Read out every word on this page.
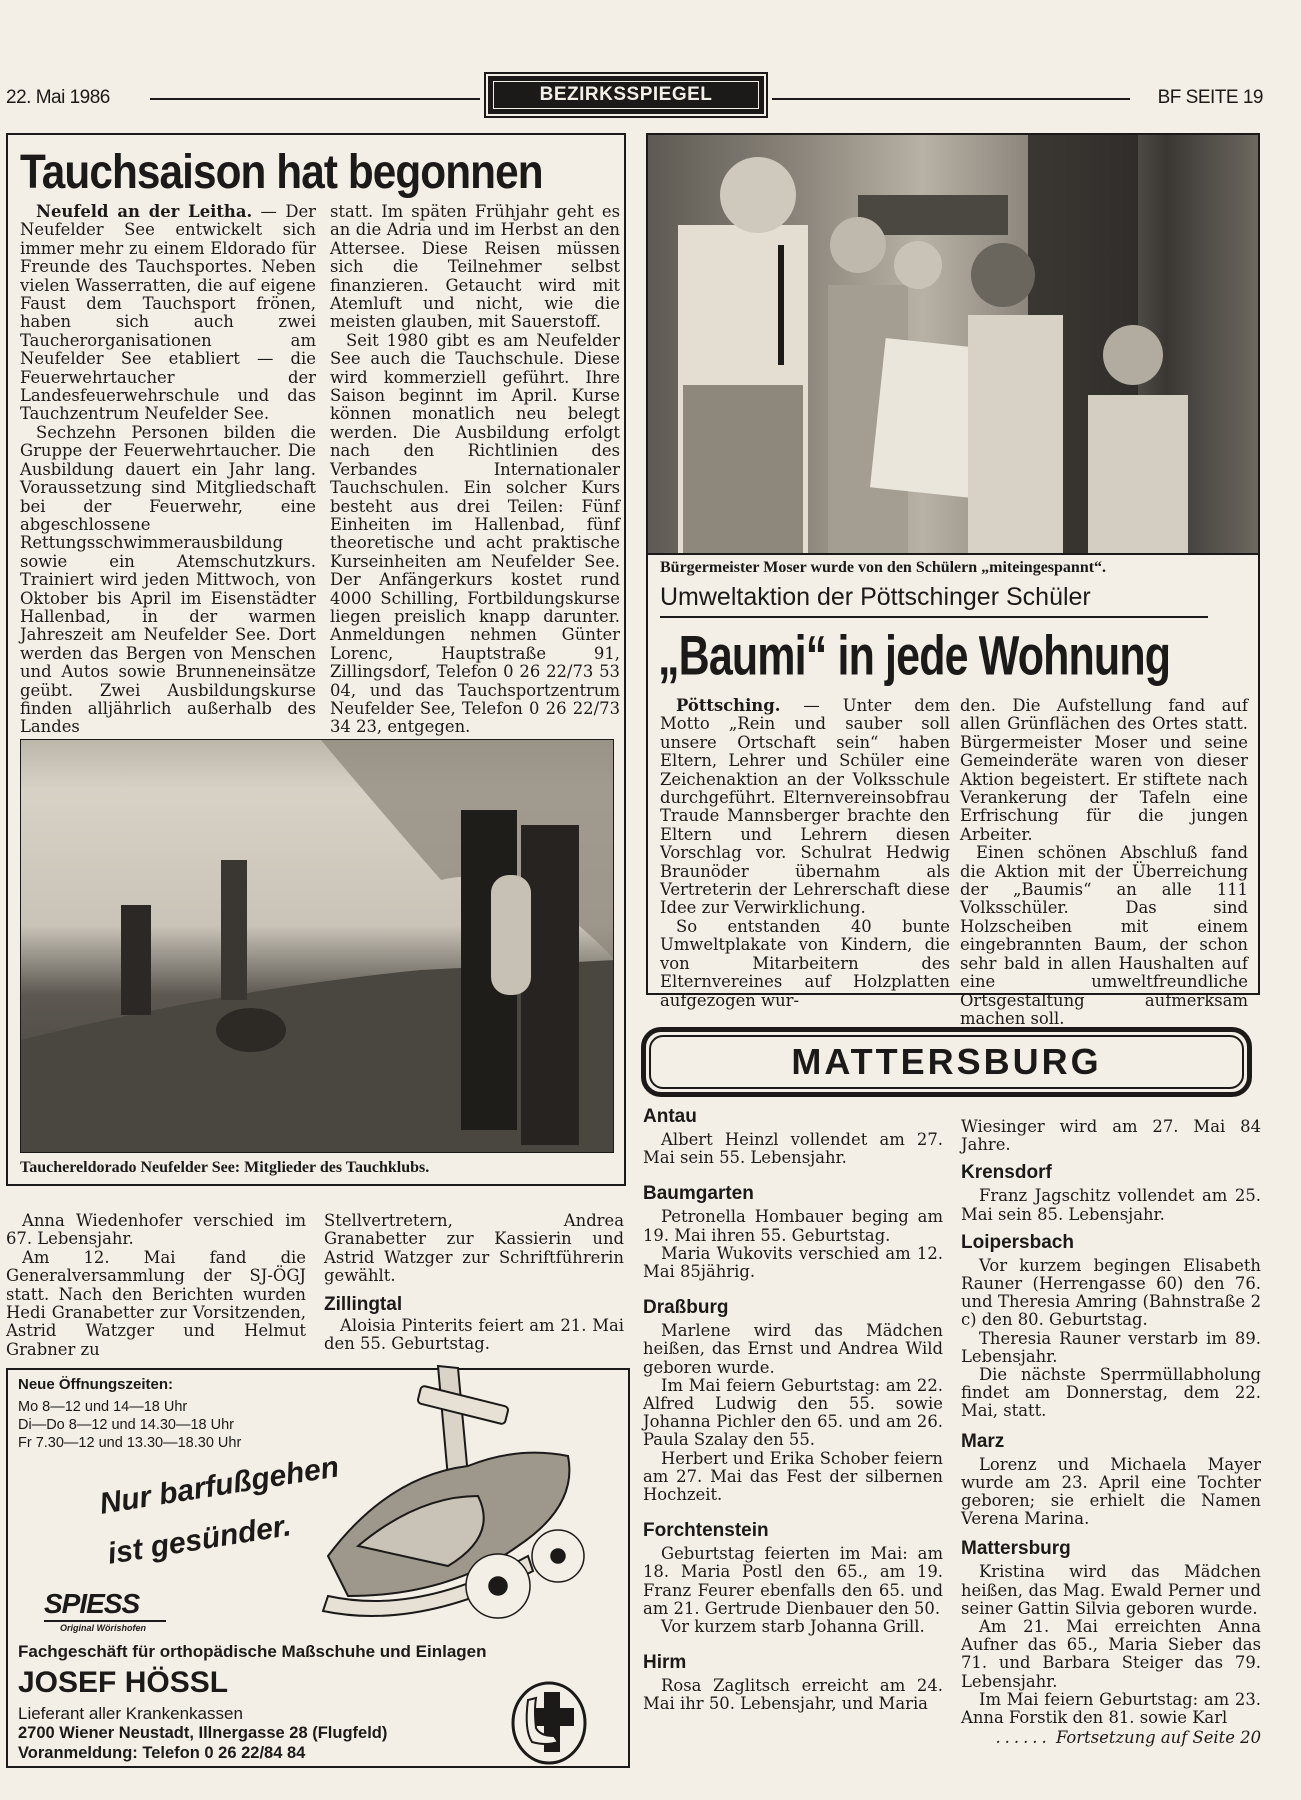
22. Mai 1986	BEZIRKSSPIEGEL	BF SEITE 19
Tauchsaison hat begonnen

Neufeld an der Leitha. — Der Neufelder See entwickelt sich immer mehr zu einem Eldorado für Freunde des Tauchsportes. Neben vielen Wasserratten, die auf eigene Faust dem Tauchsport frönen, haben sich auch zwei Taucherorganisationen am Neufelder See etabliert — die Feuerwehrtaucher der Landesfeuerwehrschule und das Tauchzentrum Neufelder See.

Sechzehn Personen bilden die Gruppe der Feuerwehrtaucher. Die Ausbildung dauert ein Jahr lang. Voraussetzung sind Mitgliedschaft bei der Feuerwehr, eine abgeschlossene Rettungsschwimmerausbildung sowie ein Atemschutzkurs. Trainiert wird jeden Mittwoch, von Oktober bis April im Eisenstädter Hallenbad, in der warmen Jahreszeit am Neufelder See. Dort werden das Bergen von Menschen und Autos sowie Brunneneinsätze geübt. Zwei Ausbildungskurse finden alljährlich außerhalb des Landes

statt. Im späten Frühjahr geht es an die Adria und im Herbst an den Attersee. Diese Reisen müssen sich die Teilnehmer selbst finanzieren. Getaucht wird mit Atemluft und nicht, wie die meisten glauben, mit Sauerstoff.

Seit 1980 gibt es am Neufelder See auch die Tauchschule. Diese wird kommerziell geführt. Ihre Saison beginnt im April. Kurse können monatlich neu belegt werden. Die Ausbildung erfolgt nach den Richtlinien des Verbandes Internationaler Tauchschulen. Ein solcher Kurs besteht aus drei Teilen: Fünf Einheiten im Hallenbad, fünf theoretische und acht praktische Kurseinheiten am Neufelder See. Der Anfängerkurs kostet rund 4000 Schilling, Fortbildungskurse liegen preislich knapp darunter. Anmeldungen nehmen Günter Lorenc, Hauptstraße 91, Zillingsdorf, Telefon 0 26 22/73 53 04, und das Tauchsportzentrum Neufelder See, Telefon 0 26 22/73 34 23, entgegen.

Tauchereldorado Neufelder See: Mitglieder des Tauchklubs.
Bürgermeister Moser wurde von den Schülern „miteingespannt“.
Umweltaktion der Pöttschinger Schüler
„Baumi“ in jede Wohnung

Pöttsching. — Unter dem Motto „Rein und sauber soll unsere Ortschaft sein“ haben Eltern, Lehrer und Schüler eine Zeichenaktion an der Volksschule durchgeführt. Elternvereinsobfrau Traude Mannsberger brachte den Eltern und Lehrern diesen Vorschlag vor. Schulrat Hedwig Braunöder übernahm als Vertreterin der Lehrerschaft diese Idee zur Verwirklichung.

So entstanden 40 bunte Umweltplakate von Kindern, die von Mitarbeitern des Elternvereines auf Holzplatten aufgezogen wur-

den. Die Aufstellung fand auf allen Grünflächen des Ortes statt. Bürgermeister Moser und seine Gemeinderäte waren von dieser Aktion begeistert. Er stiftete nach Verankerung der Tafeln eine Erfrischung für die jungen Arbeiter.

Einen schönen Abschluß fand die Aktion mit der Überreichung der „Baumis“ an alle 111 Volksschüler. Das sind Holzscheiben mit einem eingebrannten Baum, der schon sehr bald in allen Haushalten auf eine umweltfreundliche Ortsgestaltung aufmerksam machen soll.

Anna Wiedenhofer verschied im 67. Lebensjahr.

Am 12. Mai fand die Generalversammlung der SJ-ÖGJ statt. Nach den Berichten wurden Hedi Granabetter zur Vorsitzenden, Astrid Watzger und Helmut Grabner zu

Stellvertretern, Andrea Granabetter zur Kassierin und Astrid Watzger zur Schriftführerin gewählt.

Zillingtal

Aloisia Pinterits feiert am 21. Mai den 55. Geburtstag.

Neue Öffnungszeiten:
Mo 8—12 und 14—18 Uhr
Di—Do 8—12 und 14.30—18 Uhr
Fr 7.30—12 und 13.30—18.30 Uhr
Nur barfußgehen
ist gesünder.
SPIESS
Original Wörishofen
Fachgeschäft für orthopädische Maßschuhe und Einlagen
JOSEF HÖSSL
Lieferant aller Krankenkassen
2700 Wiener Neustadt, Illnergasse 28 (Flugfeld)
Voranmeldung: Telefon 0 26 22/84 84
MATTERSBURG
Antau

Albert Heinzl vollendet am 27. Mai sein 55. Lebensjahr.

Baumgarten

Petronella Hombauer beging am 19. Mai ihren 55. Geburtstag.

Maria Wukovits verschied am 12. Mai 85jährig.

Draßburg

Marlene wird das Mädchen heißen, das Ernst und Andrea Wild geboren wurde.

Im Mai feiern Geburtstag: am 22. Alfred Ludwig den 55. sowie Johanna Pichler den 65. und am 26. Paula Szalay den 55.

Herbert und Erika Schober feiern am 27. Mai das Fest der silbernen Hochzeit.

Forchtenstein

Geburtstag feierten im Mai: am 18. Maria Postl den 65., am 19. Franz Feurer ebenfalls den 65. und am 21. Gertrude Dienbauer den 50.

Vor kurzem starb Johanna Grill.

Hirm

Rosa Zaglitsch erreicht am 24. Mai ihr 50. Lebensjahr, und Maria

Wiesinger wird am 27. Mai 84 Jahre.

Krensdorf

Franz Jagschitz vollendet am 25. Mai sein 85. Lebensjahr.

Loipersbach

Vor kurzem begingen Elisabeth Rauner (Herrengasse 60) den 76. und Theresia Amring (Bahnstraße 2 c) den 80. Geburtstag.

Theresia Rauner verstarb im 89. Lebensjahr.

Die nächste Sperrmüllabholung findet am Donnerstag, dem 22. Mai, statt.

Marz

Lorenz und Michaela Mayer wurde am 23. April eine Tochter geboren; sie erhielt die Namen Verena Marina.

Mattersburg

Kristina wird das Mädchen heißen, das Mag. Ewald Perner und seiner Gattin Silvia geboren wurde.

Am 21. Mai erreichten Anna Aufner das 65., Maria Sieber das 71. und Barbara Steiger das 79. Lebensjahr.

Im Mai feiern Geburtstag: am 23. Anna Forstik den 81. sowie Karl

...... Fortsetzung auf Seite 20
